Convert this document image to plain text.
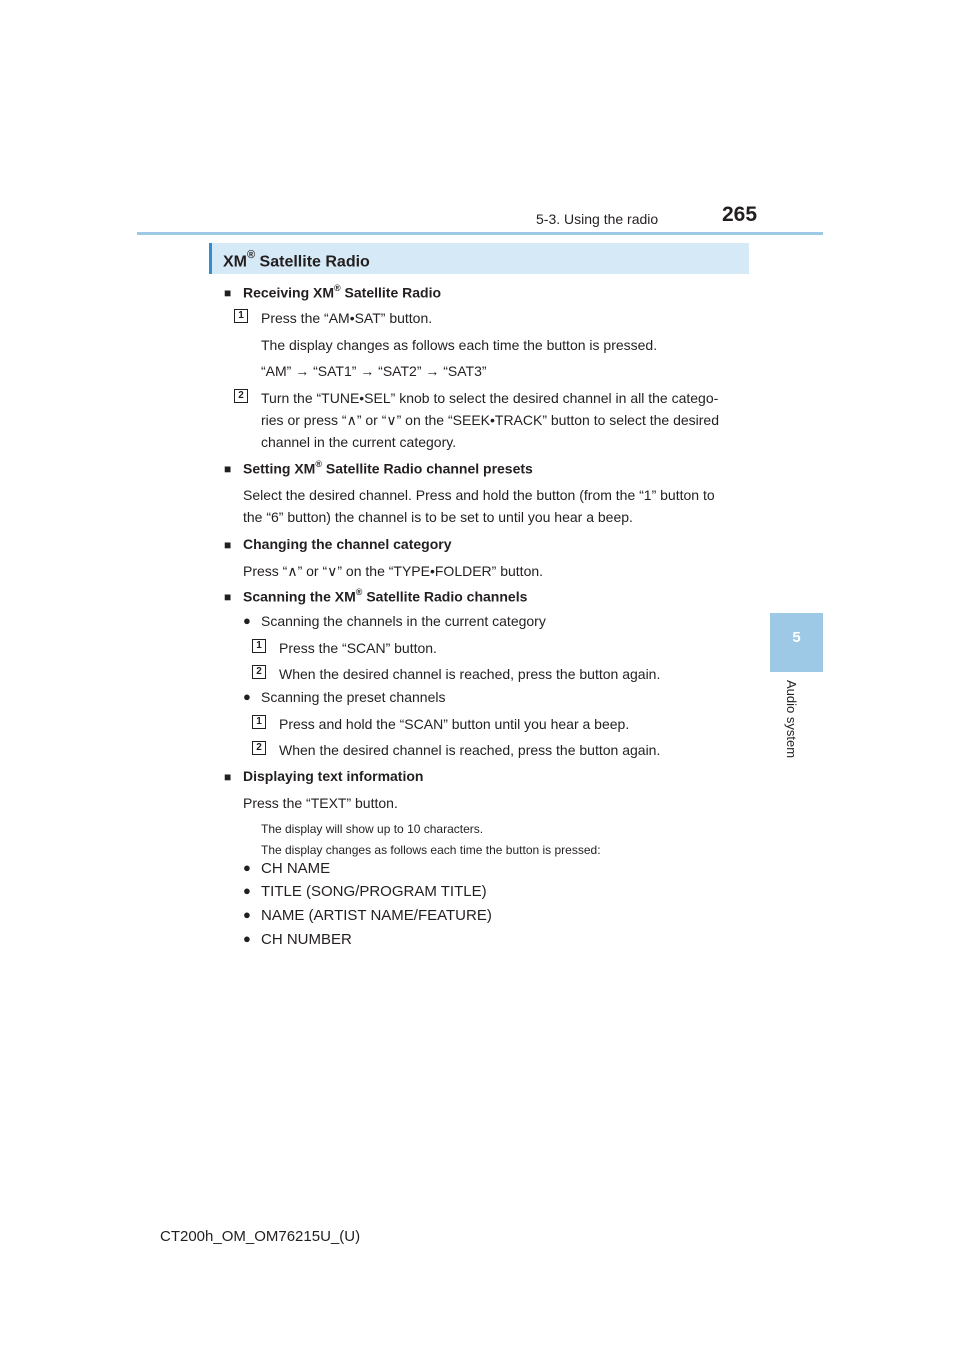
5-3. Using the radio	265
5
Audio system
XM® Satellite Radio
■ Receiving XM® Satellite Radio
1	Press the “AM•SAT” button.
The display changes as follows each time the button is pressed.
“AM” → “SAT1” → “SAT2” → “SAT3”
2	Turn the “TUNE•SEL” knob to select the desired channel in all the catego-
ries or press “∧” or “∨” on the “SEEK•TRACK” button to select the desired
channel in the current category.
■ Setting XM® Satellite Radio channel presets
Select the desired channel. Press and hold the button (from the “1” button to
the “6” button) the channel is to be set to until you hear a beep.
■ Changing the channel category
Press “∧” or “∨” on the “TYPE•FOLDER” button.
■ Scanning the XM® Satellite Radio channels
● Scanning the channels in the current category
1	Press the “SCAN” button.
2	When the desired channel is reached, press the button again.
● Scanning the preset channels
1	Press and hold the “SCAN” button until you hear a beep.
2	When the desired channel is reached, press the button again.
■ Displaying text information
Press the “TEXT” button.
The display will show up to 10 characters.
The display changes as follows each time the button is pressed:
● CH NAME
● TITLE (SONG/PROGRAM TITLE)
● NAME (ARTIST NAME/FEATURE)
● CH NUMBER
CT200h_OM_OM76215U_(U)
